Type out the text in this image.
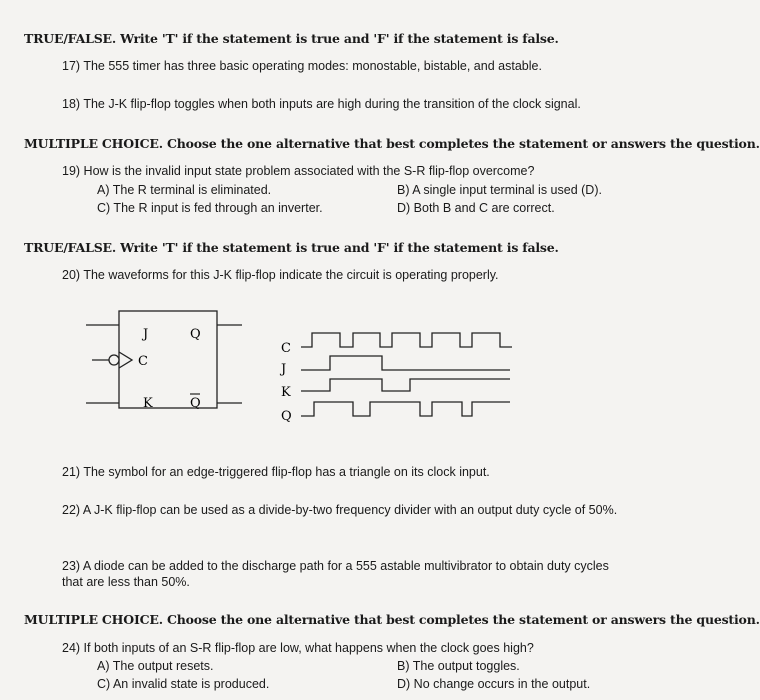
TRUE/FALSE. Write 'T' if the statement is true and 'F' if the statement is false.
17) The 555 timer has three basic operating modes: monostable, bistable, and astable.
18) The J-K flip-flop toggles when both inputs are high during the transition of the clock signal.
MULTIPLE CHOICE. Choose the one alternative that best completes the statement or answers the question.
19) How is the invalid input state problem associated with the S-R flip-flop overcome?
A) The R terminal is eliminated.	B) A single input terminal is used (D).
C) The R input is fed through an inverter.	D) Both B and C are correct.
TRUE/FALSE. Write 'T' if the statement is true and 'F' if the statement is false.
20) The waveforms for this J-K flip-flop indicate the circuit is operating properly.
J	Q
C
K	Q
C
J
K
Q
21) The symbol for an edge-triggered flip-flop has a triangle on its clock input.
22) A J-K flip-flop can be used as a divide-by-two frequency divider with an output duty cycle of 50%.
23) A diode can be added to the discharge path for a 555 astable multivibrator to obtain duty cycles that are less than 50%.
MULTIPLE CHOICE. Choose the one alternative that best completes the statement or answers the question.
24) If both inputs of an S-R flip-flop are low, what happens when the clock goes high?
A) The output resets.	B) The output toggles.
C) An invalid state is produced.	D) No change occurs in the output.
